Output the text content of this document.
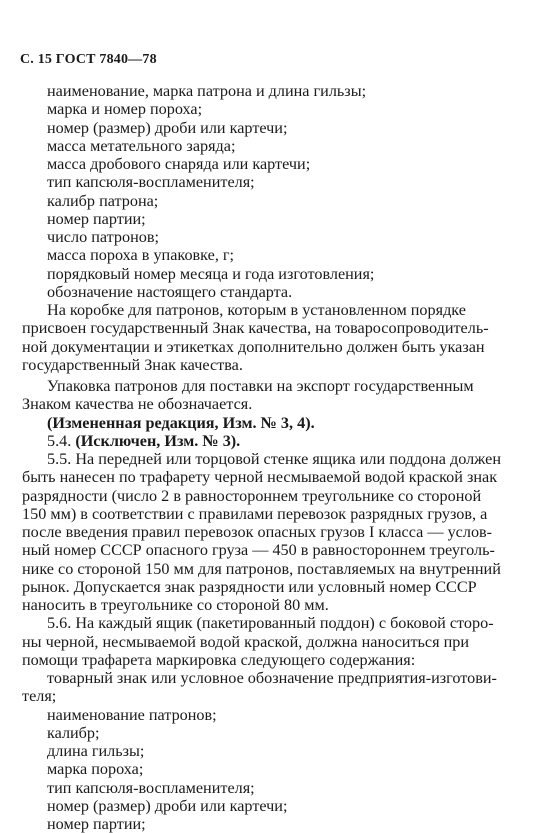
С. 15 ГОСТ 7840—78
наименование, марка патрона и длина гильзы;
марка и номер пороха;
номер (размер) дроби или картечи;
масса метательного заряда;
масса дробового снаряда или картечи;
тип капсюля-воспламенителя;
калибр патрона;
номер партии;
число патронов;
масса пороха в упаковке, г;
порядковый номер месяца и года изготовления;
обозначение настоящего стандарта.
На коробке для патронов, которым в установленном порядке
присвоен государственный Знак качества, на товаросопроводитель-
ной документации и этикетках дополнительно должен быть указан
государственный Знак качества.
Упаковка патронов для поставки на экспорт государственным
Знаком качества не обозначается.
(Измененная редакция, Изм. № 3, 4).
5.4. (Исключен, Изм. № 3).
5.5. На передней или торцовой стенке ящика или поддона должен
быть нанесен по трафарету черной несмываемой водой краской знак
разрядности (число 2 в равностороннем треугольнике со стороной
150 мм) в соответствии с правилами перевозок разрядных грузов, а
после введения правил перевозок опасных грузов I класса — услов-
ный номер СССР опасного груза — 450 в равностороннем треуголь-
нике со стороной 150 мм для патронов, поставляемых на внутренний
рынок. Допускается знак разрядности или условный номер СССР
наносить в треугольнике со стороной 80 мм.
5.6. На каждый ящик (пакетированный поддон) с боковой сторо-
ны черной, несмываемой водой краской, должна наноситься при
помощи трафарета маркировка следующего содержания:
товарный знак или условное обозначение предприятия-изготови-
теля;
наименование патронов;
калибр;
длина гильзы;
марка пороха;
тип капсюля-воспламенителя;
номер (размер) дроби или картечи;
номер партии;
